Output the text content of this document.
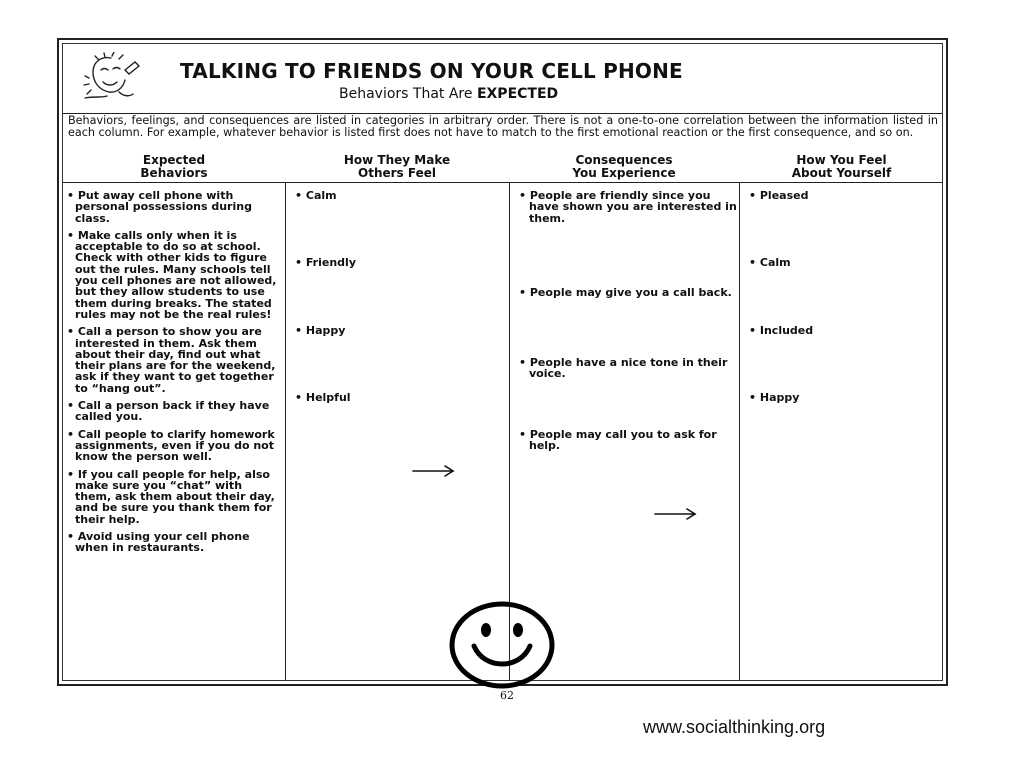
TALKING TO FRIENDS ON YOUR CELL PHONE
Behaviors That Are EXPECTED
Behaviors, feelings, and consequences are listed in categories in arbitrary order. There is not a one-to-one correlation between the information listed in each column. For example, whatever behavior is listed first does not have to match to the first emotional reaction or the first consequence, and so on.
Expected
Behaviors
How They Make
Others Feel
Consequences
You Experience
How You Feel
About Yourself
• Put away cell phone with personal possessions during class.
• Make calls only when it is acceptable to do so at school. Check with other kids to figure out the rules. Many schools tell you cell phones are not allowed, but they allow students to use them during breaks. The stated rules may not be the real rules!
• Call a person to show you are interested in them. Ask them about their day, find out what their plans are for the weekend, ask if they want to get together to “hang out”.
• Call a person back if they have called you.
• Call people to clarify homework assignments, even if you do not know the person well.
• If you call people for help, also make sure you “chat” with them, ask them about their day, and be sure you thank them for their help.
• Avoid using your cell phone when in restaurants.
• Calm
• Friendly
• Happy
• Helpful
• People are friendly since you have shown you are interested in them.
• People may give you a call back.
• People have a nice tone in their voice.
• People may call you to ask for help.
• Pleased
• Calm
• Included
• Happy
62
www.socialthinking.org
